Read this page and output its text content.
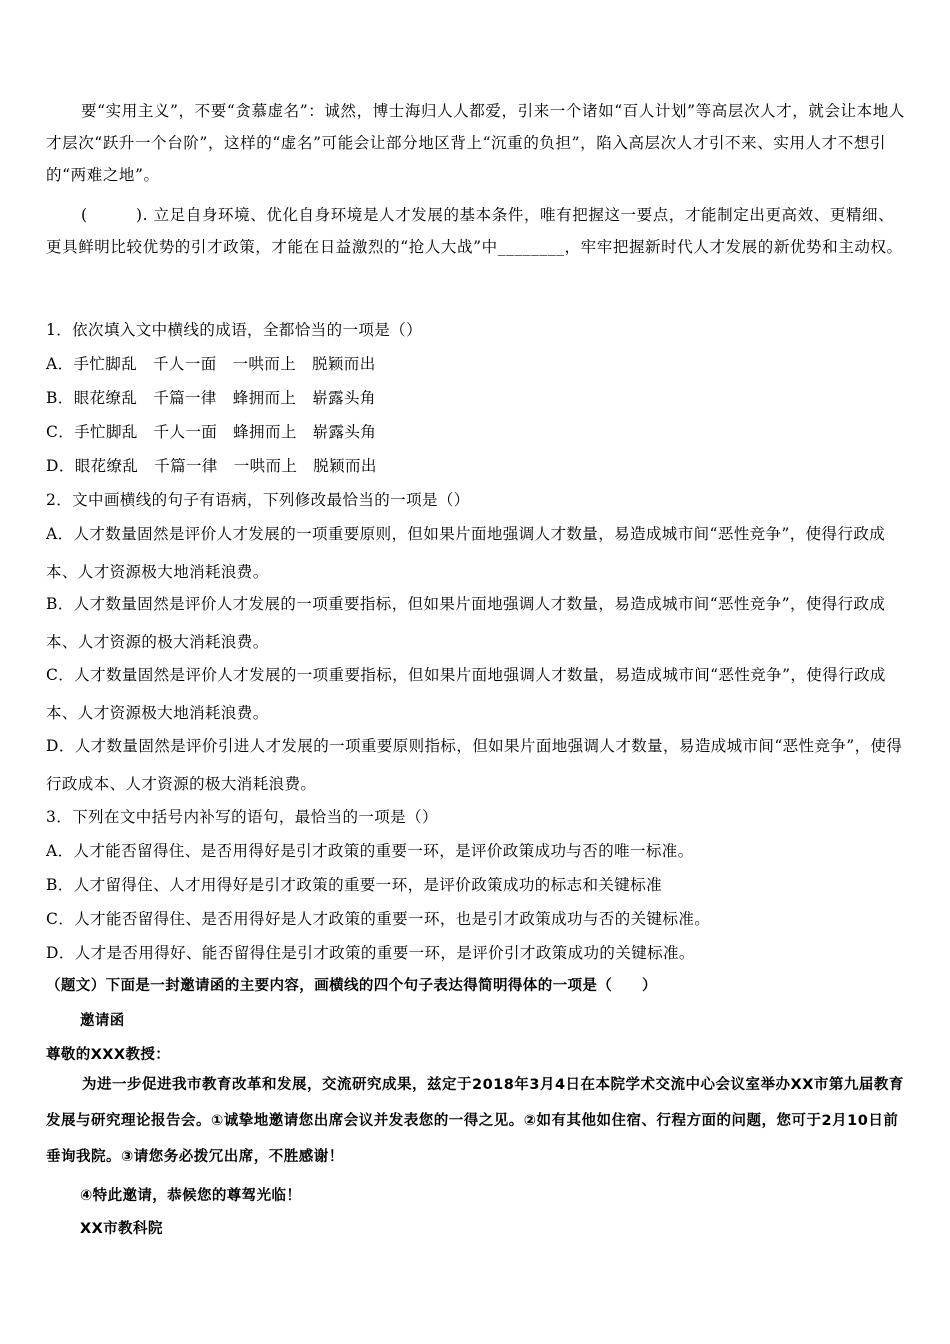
要“实用主义”，不要“贪慕虚名”：诚然，博士海归人人都爱，引来一个诸如“百人计划”等高层次人才，就会让本地人才层次“跃升一个台阶”，这样的“虚名”可能会让部分地区背上“沉重的负担”，陷入高层次人才引不来、实用人才不想引的“两难之地”。

(　　　). 立足自身环境、优化自身环境是人才发展的基本条件，唯有把握这一要点，才能制定出更高效、更精细、更具鲜明比较优势的引才政策，才能在日益激烈的“抢人大战”中________，牢牢把握新时代人才发展的新优势和主动权。

1．依次填入文中横线的成语，全都恰当的一项是（）

A．手忙脚乱　千人一面　一哄而上　脱颖而出

B．眼花缭乱　千篇一律　蜂拥而上　崭露头角

C．手忙脚乱　千人一面　蜂拥而上　崭露头角

D．眼花缭乱　千篇一律　一哄而上　脱颖而出

2．文中画横线的句子有语病，下列修改最恰当的一项是（）

A．人才数量固然是评价人才发展的一项重要原则，但如果片面地强调人才数量，易造成城市间“恶性竞争”，使得行政成本、人才资源极大地消耗浪费。

B．人才数量固然是评价人才发展的一项重要指标，但如果片面地强调人才数量，易造成城市间“恶性竞争”，使得行政成本、人才资源的极大消耗浪费。

C．人才数量固然是评价人才发展的一项重要指标，但如果片面地强调人才数量，易造成城市间“恶性竞争”，使得行政成本、人才资源极大地消耗浪费。

D．人才数量固然是评价引进人才发展的一项重要原则指标，但如果片面地强调人才数量，易造成城市间“恶性竞争”，使得行政成本、人才资源的极大消耗浪费。

3．下列在文中括号内补写的语句，最恰当的一项是（）

A．人才能否留得住、是否用得好是引才政策的重要一环，是评价政策成功与否的唯一标准。

B．人才留得住、人才用得好是引才政策的重要一环，是评价政策成功的标志和关键标准

C．人才能否留得住、是否用得好是人才政策的重要一环，也是引才政策成功与否的关键标准。

D．人才是否用得好、能否留得住是引才政策的重要一环，是评价引才政策成功的关键标准。

（题文）下面是一封邀请函的主要内容，画横线的四个句子表达得简明得体的一项是（　　）

邀请函

尊敬的XXX教授：

为进一步促进我市教育改革和发展，交流研究成果，兹定于2018年3月4日在本院学术交流中心会议室举办XX市第九届教育发展与研究理论报告会。①诚挚地邀请您出席会议并发表您的一得之见。②如有其他如住宿、行程方面的问题，您可于2月10日前垂询我院。③请您务必拨冗出席，不胜感谢！

④特此邀请，恭候您的尊驾光临！

XX市教科院
